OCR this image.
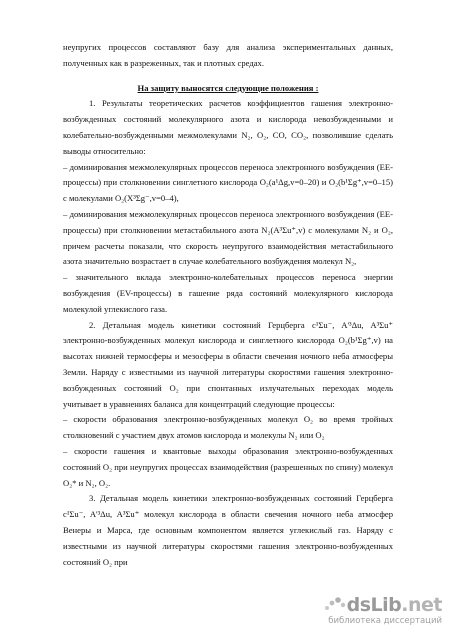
неупругих процессов составляют базу для анализа экспериментальных данных, полученных как в разреженных, так и плотных средах.

На защиту выносятся следующие положения :

1. Результаты теоретических расчетов коэффициентов гашения электронно-возбужденных состояний молекулярного азота и кислорода невозбужденными и колебательно-возбужденными межмолекулами N₂, O₂, CO, CO₂, позволившие сделать выводы относительно:

– доминирования межмолекулярных процессов переноса электронного возбуждения (EE-процессы) при столкновении синглетного кислорода O₂(a¹Δg,v=0–20) и O₂(b¹Σg⁺,v=0–15) с молекулами O₂(X³Σg⁻,v=0–4),

– доминирования межмолекулярных процессов переноса электронного возбуждения (EE-процессы) при столкновении метастабильного азота N₂(A³Σu⁺,v) с молекулами N₂ и O₂, причем расчеты показали, что скорость неупругого взаимодействия метастабильного азота значительно возрастает в случае колебательного возбуждения молекул N₂,

– значительного вклада электронно-колебательных процессов переноса энергии возбуждения (EV-процессы) в гашение ряда состояний молекулярного кислорода молекулой углекислого газа.

2. Детальная модель кинетики состояний Герцберга c¹Σu⁻, A'³Δu, A³Σu⁺ электронно-возбужденных молекул кислорода и синглетного кислорода O₂(b¹Σg⁺,v) на высотах нижней термосферы и мезосферы в области свечения ночного неба атмосферы Земли. Наряду с известными из научной литературы скоростями гашения электронно-возбужденных состояний O₂ при спонтанных излучательных переходах модель учитывает в уравнениях баланса для концентраций следующие процессы:

– скорости образования электронно-возбужденных молекул O₂ во время тройных столкновений с участием двух атомов кислорода и молекулы N₂ или O₂

– скорости гашения и квантовые выходы образования электронно-возбужденных состояний O₂ при неупругих процессах взаимодействия (разрешенных по спину) молекул O₂* и N₂, O₂.

3. Детальная модель кинетики электронно-возбужденных состояний Герцберга c¹Σu⁻, A'³Δu, A³Σu⁺ молекул кислорода в области свечения ночного неба атмосфер Венеры и Марса, где основным компонентом является углекислый газ. Наряду с известными из научной литературы скоростями гашения электронно-возбужденных состояний O₂ при

dsLib.net
библиотека диссертаций
